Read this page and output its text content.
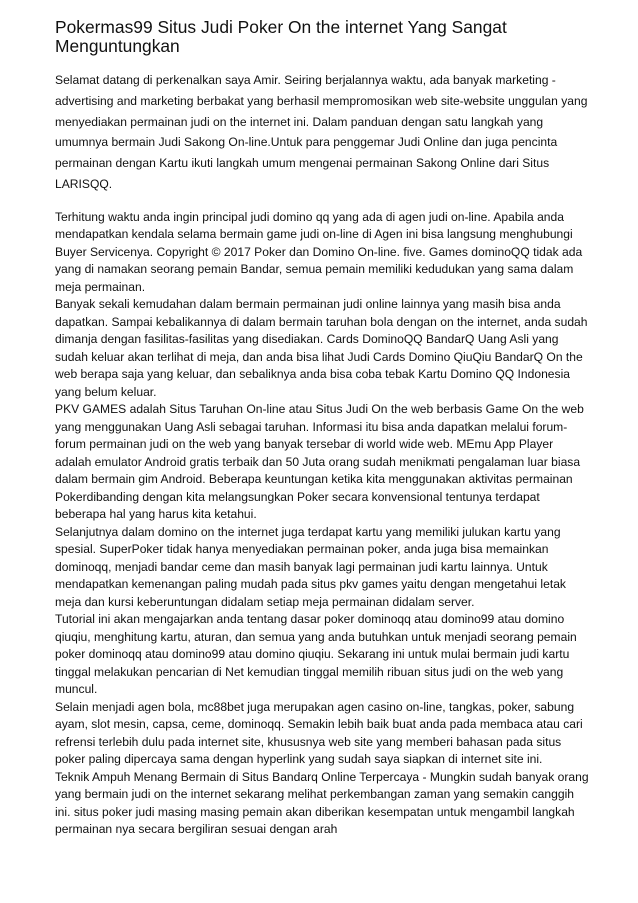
Pokermas99 Situs Judi Poker On the internet Yang Sangat Menguntungkan

Selamat datang di perkenalkan saya Amir. Seiring berjalannya waktu, ada banyak marketing - advertising and marketing berbakat yang berhasil mempromosikan web site-website unggulan yang menyediakan permainan judi on the internet ini. Dalam panduan dengan satu langkah yang umumnya bermain Judi Sakong On-line.Untuk para penggemar Judi Online dan juga pencinta permainan dengan Kartu ikuti langkah umum mengenai permainan Sakong Online dari Situs LARISQQ.

Terhitung waktu anda ingin principal judi domino qq yang ada di agen judi on-line. Apabila anda mendapatkan kendala selama bermain game judi on-line di Agen ini bisa langsung menghubungi Buyer Servicenya. Copyright © 2017 Poker dan Domino On-line. five. Games dominoQQ tidak ada yang di namakan seorang pemain Bandar, semua pemain memiliki kedudukan yang sama dalam meja permainan.

Banyak sekali kemudahan dalam bermain permainan judi online lainnya yang masih bisa anda dapatkan. Sampai kebalikannya di dalam bermain taruhan bola dengan on the internet, anda sudah dimanja dengan fasilitas-fasilitas yang disediakan. Cards DominoQQ BandarQ Uang Asli yang sudah keluar akan terlihat di meja, dan anda bisa lihat Judi Cards Domino QiuQiu BandarQ On the web berapa saja yang keluar, dan sebaliknya anda bisa coba tebak Kartu Domino QQ Indonesia yang belum keluar.

PKV GAMES adalah Situs Taruhan On-line atau Situs Judi On the web berbasis Game On the web yang menggunakan Uang Asli sebagai taruhan. Informasi itu bisa anda dapatkan melalui forum-forum permainan judi on the web yang banyak tersebar di world wide web. MEmu App Player adalah emulator Android gratis terbaik dan 50 Juta orang sudah menikmati pengalaman luar biasa dalam bermain gim Android. Beberapa keuntungan ketika kita menggunakan aktivitas permainan Pokerdibanding dengan kita melangsungkan Poker secara konvensional tentunya terdapat beberapa hal yang harus kita ketahui.

Selanjutnya dalam domino on the internet juga terdapat kartu yang memiliki julukan kartu yang spesial. SuperPoker tidak hanya menyediakan permainan poker, anda juga bisa memainkan dominoqq, menjadi bandar ceme dan masih banyak lagi permainan judi kartu lainnya. Untuk mendapatkan kemenangan paling mudah pada situs pkv games yaitu dengan mengetahui letak meja dan kursi keberuntungan didalam setiap meja permainan didalam server.

Tutorial ini akan mengajarkan anda tentang dasar poker dominoqq atau domino99 atau domino qiuqiu, menghitung kartu, aturan, dan semua yang anda butuhkan untuk menjadi seorang pemain poker dominoqq atau domino99 atau domino qiuqiu. Sekarang ini untuk mulai bermain judi kartu tinggal melakukan pencarian di Net kemudian tinggal memilih ribuan situs judi on the web yang muncul.

Selain menjadi agen bola, mc88bet juga merupakan agen casino on-line, tangkas, poker, sabung ayam, slot mesin, capsa, ceme, dominoqq. Semakin lebih baik buat anda pada membaca atau cari refrensi terlebih dulu pada internet site, khususnya web site yang memberi bahasan pada situs poker paling dipercaya sama dengan hyperlink yang sudah saya siapkan di internet site ini.

Teknik Ampuh Menang Bermain di Situs Bandarq Online Terpercaya - Mungkin sudah banyak orang yang bermain judi on the internet sekarang melihat perkembangan zaman yang semakin canggih ini. situs poker judi masing masing pemain akan diberikan kesempatan untuk mengambil langkah permainan nya secara bergiliran sesuai dengan arah
